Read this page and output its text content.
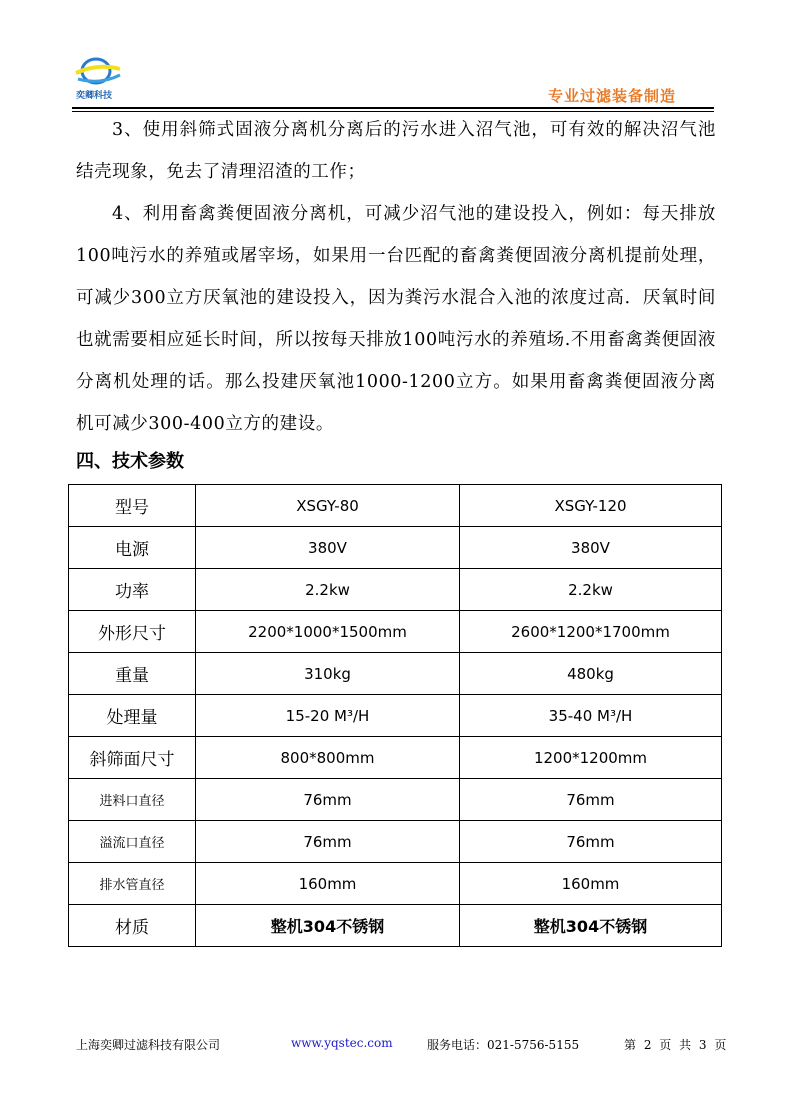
奕卿科技	专业过滤装备制造
3、使用斜筛式固液分离机分离后的污水进入沼气池，可有效的解决沼气池结壳现象，免去了清理沼渣的工作；
4、利用畜禽粪便固液分离机，可减少沼气池的建设投入，例如：每天排放100吨污水的养殖或屠宰场，如果用一台匹配的畜禽粪便固液分离机提前处理，可减少300立方厌氧池的建设投入，因为粪污水混合入池的浓度过高．厌氧时间也就需要相应延长时间，所以按每天排放100吨污水的养殖场.不用畜禽粪便固液分离机处理的话。那么投建厌氧池1000-1200立方。如果用畜禽粪便固液分离机可减少300-400立方的建设。
四、技术参数
型号	XSGY-80	XSGY-120
电源	380V	380V
功率	2.2kw	2.2kw
外形尺寸	2200*1000*1500mm	2600*1200*1700mm
重量	310kg	480kg
处理量	15-20 M³/H	35-40 M³/H
斜筛面尺寸	800*800mm	1200*1200mm
进料口直径	76mm	76mm
溢流口直径	76mm	76mm
排水管直径	160mm	160mm
材质	整机304不锈钢	整机304不锈钢
上海奕卿过滤科技有限公司	www.yqstec.com	服务电话：021-5756-5155	第 2 页 共 3 页
